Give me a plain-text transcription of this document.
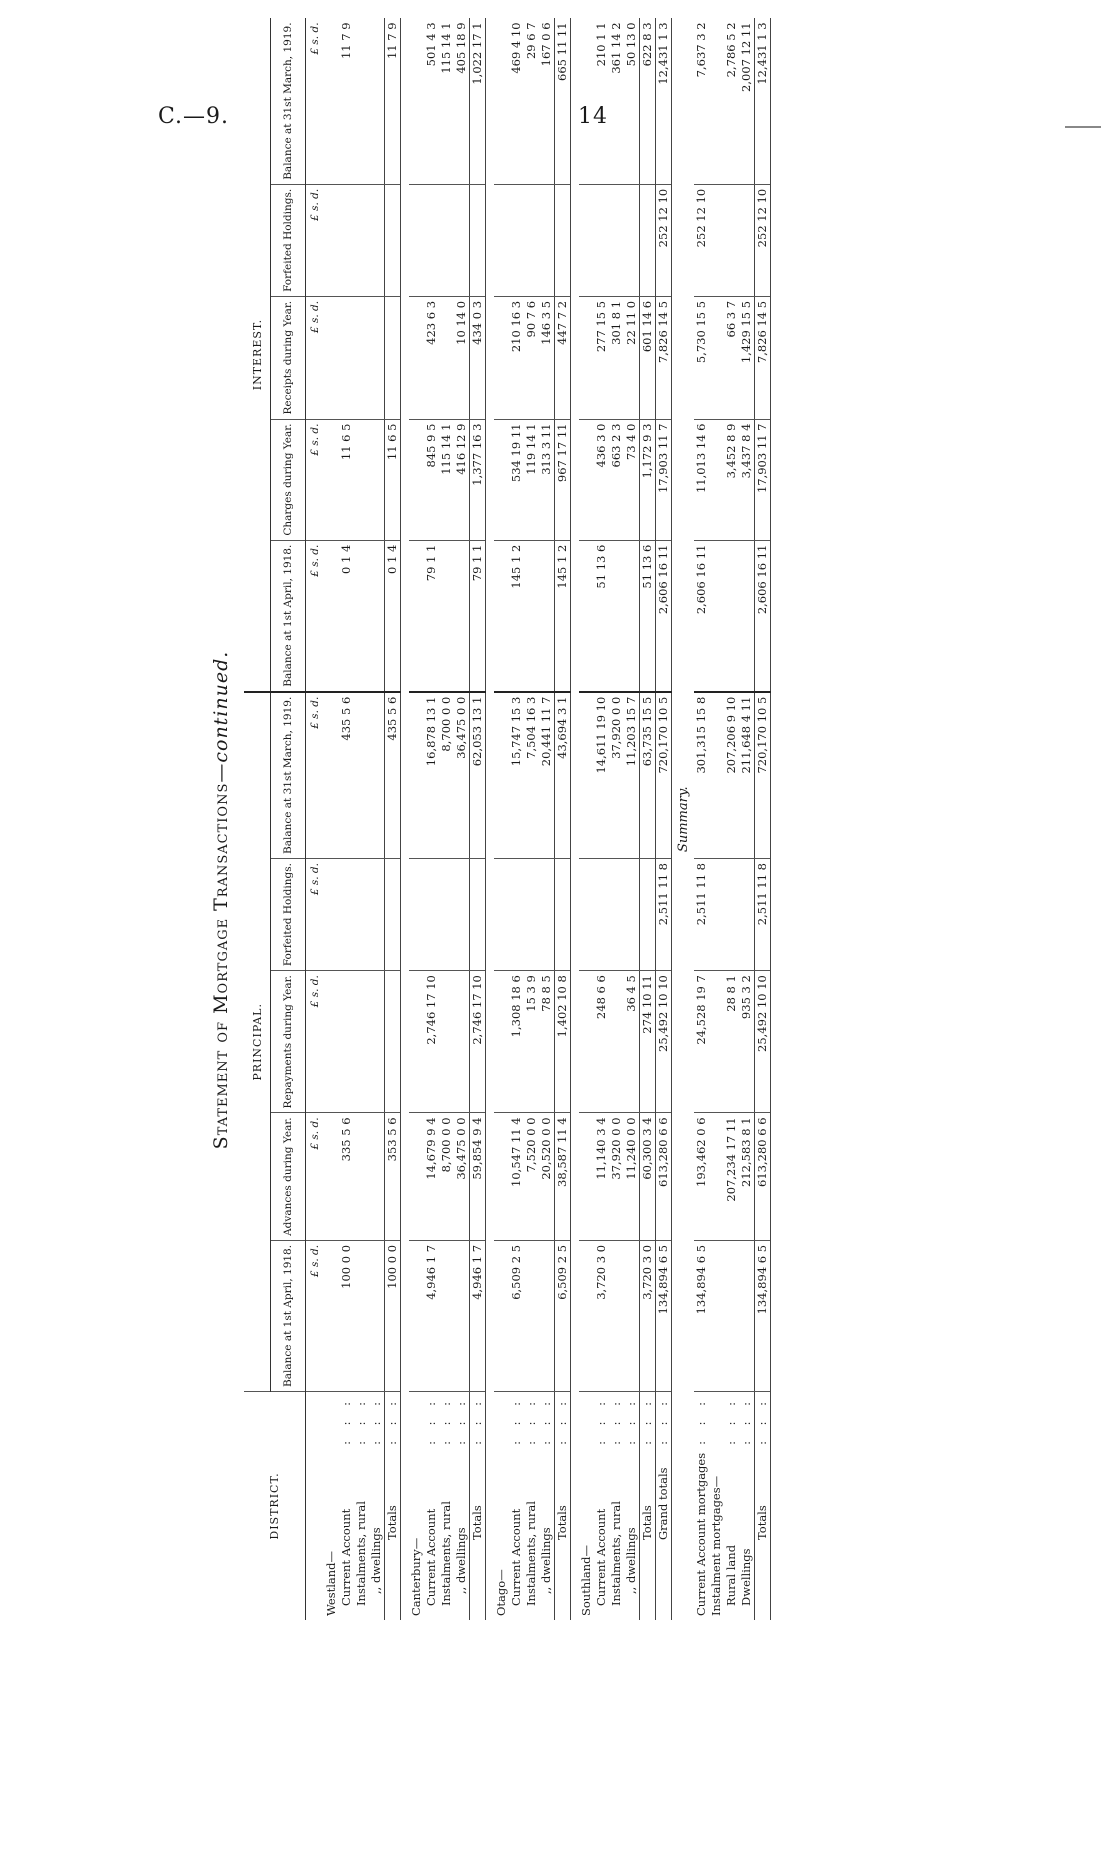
C.—9.	14
Statement of Mortgage Transactions—continued.
DISTRICT.		PRINCIPAL.					INTEREST.				
		Balance at 1st April, 1918.	Advances during Year.	Repayments during Year.	Forfeited Holdings.	Balance at 31st March, 1919.	Balance at 1st April, 1918.	Charges during Year.	Receipts during Year.	Forfeited Holdings.	Balance at 31st March, 1919.
		£ s. d.	£ s. d.	£ s. d.	£ s. d.	£ s. d.	£ s. d.	£ s. d.	£ s. d.	£ s. d.	£ s. d.
Westland—											
Current Account	: : :	100 0 0	335 5 6			435 5 6	0 1 4	11 6 5			11 7 9
Instalments, rural	: : :										
,, dwellings	: : :										
Totals	: : :	100 0 0	353 5 6			435 5 6	0 1 4	11 6 5			11 7 9

Canterbury—											
Current Account	: : :	4,946 1 7	14,679 9 4	2,746 17 10		16,878 13 1	79 1 1	845 9 5	423 6 3		501 4 3
Instalments, rural	: : :		8,700 0 0			8,700 0 0		115 14 1			115 14 1
,, dwellings	: : :		36,475 0 0			36,475 0 0		416 12 9	10 14 0		405 18 9
Totals	: : :	4,946 1 7	59,854 9 4	2,746 17 10		62,053 13 1	79 1 1	1,377 16 3	434 0 3		1,022 17 1

Otago—											
Current Account	: : :	6,509 2 5	10,547 11 4	1,308 18 6		15,747 15 3	145 1 2	534 19 11	210 16 3		469 4 10
Instalments, rural	: : :		7,520 0 0	15 3 9		7,504 16 3		119 14 1	90 7 6		29 6 7
,, dwellings	: : :		20,520 0 0	78 8 5		20,441 11 7		313 3 11	146 3 5		167 0 6
Totals	: : :	6,509 2 5	38,587 11 4	1,402 10 8		43,694 3 1	145 1 2	967 17 11	447 7 2		665 11 11

Southland—											
Current Account	: : :	3,720 3 0	11,140 3 4	248 6 6		14,611 19 10	51 13 6	436 3 0	277 15 5		210 1 1
Instalments, rural	: : :		37,920 0 0			37,920 0 0		663 2 3	301 8 1		361 14 2
,, dwellings	: : :		11,240 0 0	36 4 5		11,203 15 7		73 4 0	22 11 0		50 13 0
Totals	: : :	3,720 3 0	60,300 3 4	274 10 11		63,735 15 5	51 13 6	1,172 9 3	601 14 6		622 8 3
Grand totals	: : :	134,894 6 5	613,280 6 6	25,492 10 10	2,511 11 8	720,170 10 5	2,606 16 11	17,903 11 7	7,826 14 5	252 12 10	12,431 1 3
Summary.											
Current Account mortgages	: : :	134,894 6 5	193,462 0 6	24,528 19 7	2,511 11 8	301,315 15 8	2,606 16 11	11,013 14 6	5,730 15 5	252 12 10	7,637 3 2
Instalment mortgages—											
Rural land	: : :		207,234 17 11	28 8 1		207,206 9 10		3,452 8 9	66 3 7		2,786 5 2
Dwellings	: : :		212,583 8 1	935 3 2		211,648 4 11		3,437 8 4	1,429 15 5		2,007 12 11
Totals	: : :	134,894 6 5	613,280 6 6	25,492 10 10	2,511 11 8	720,170 10 5	2,606 16 11	17,903 11 7	7,826 14 5	252 12 10	12,431 1 3
